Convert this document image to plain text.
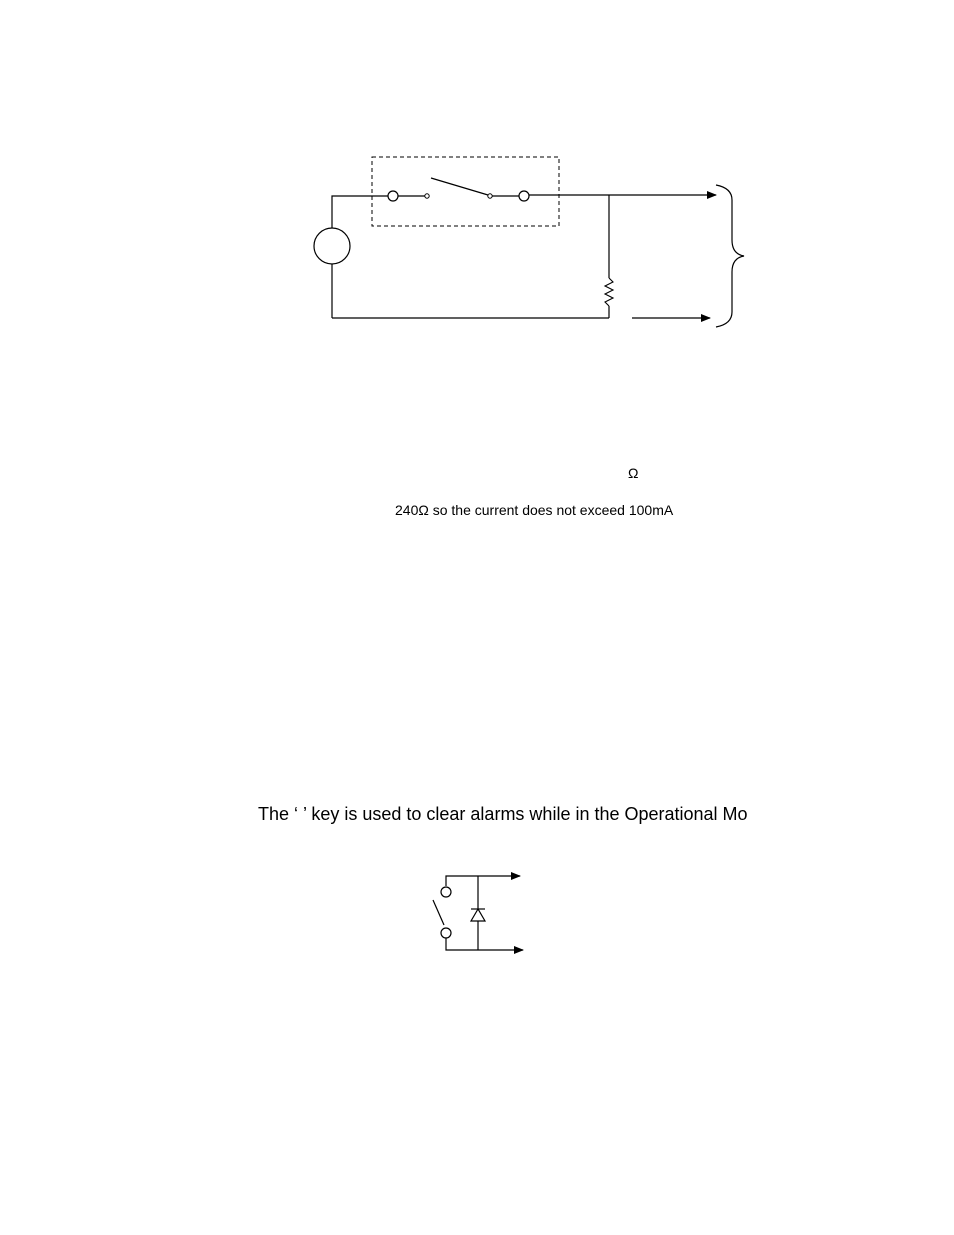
Ω

240Ω so the current does not exceed 100mA

The ‘ ’ key is used to clear alarms while in the Operational Mo
